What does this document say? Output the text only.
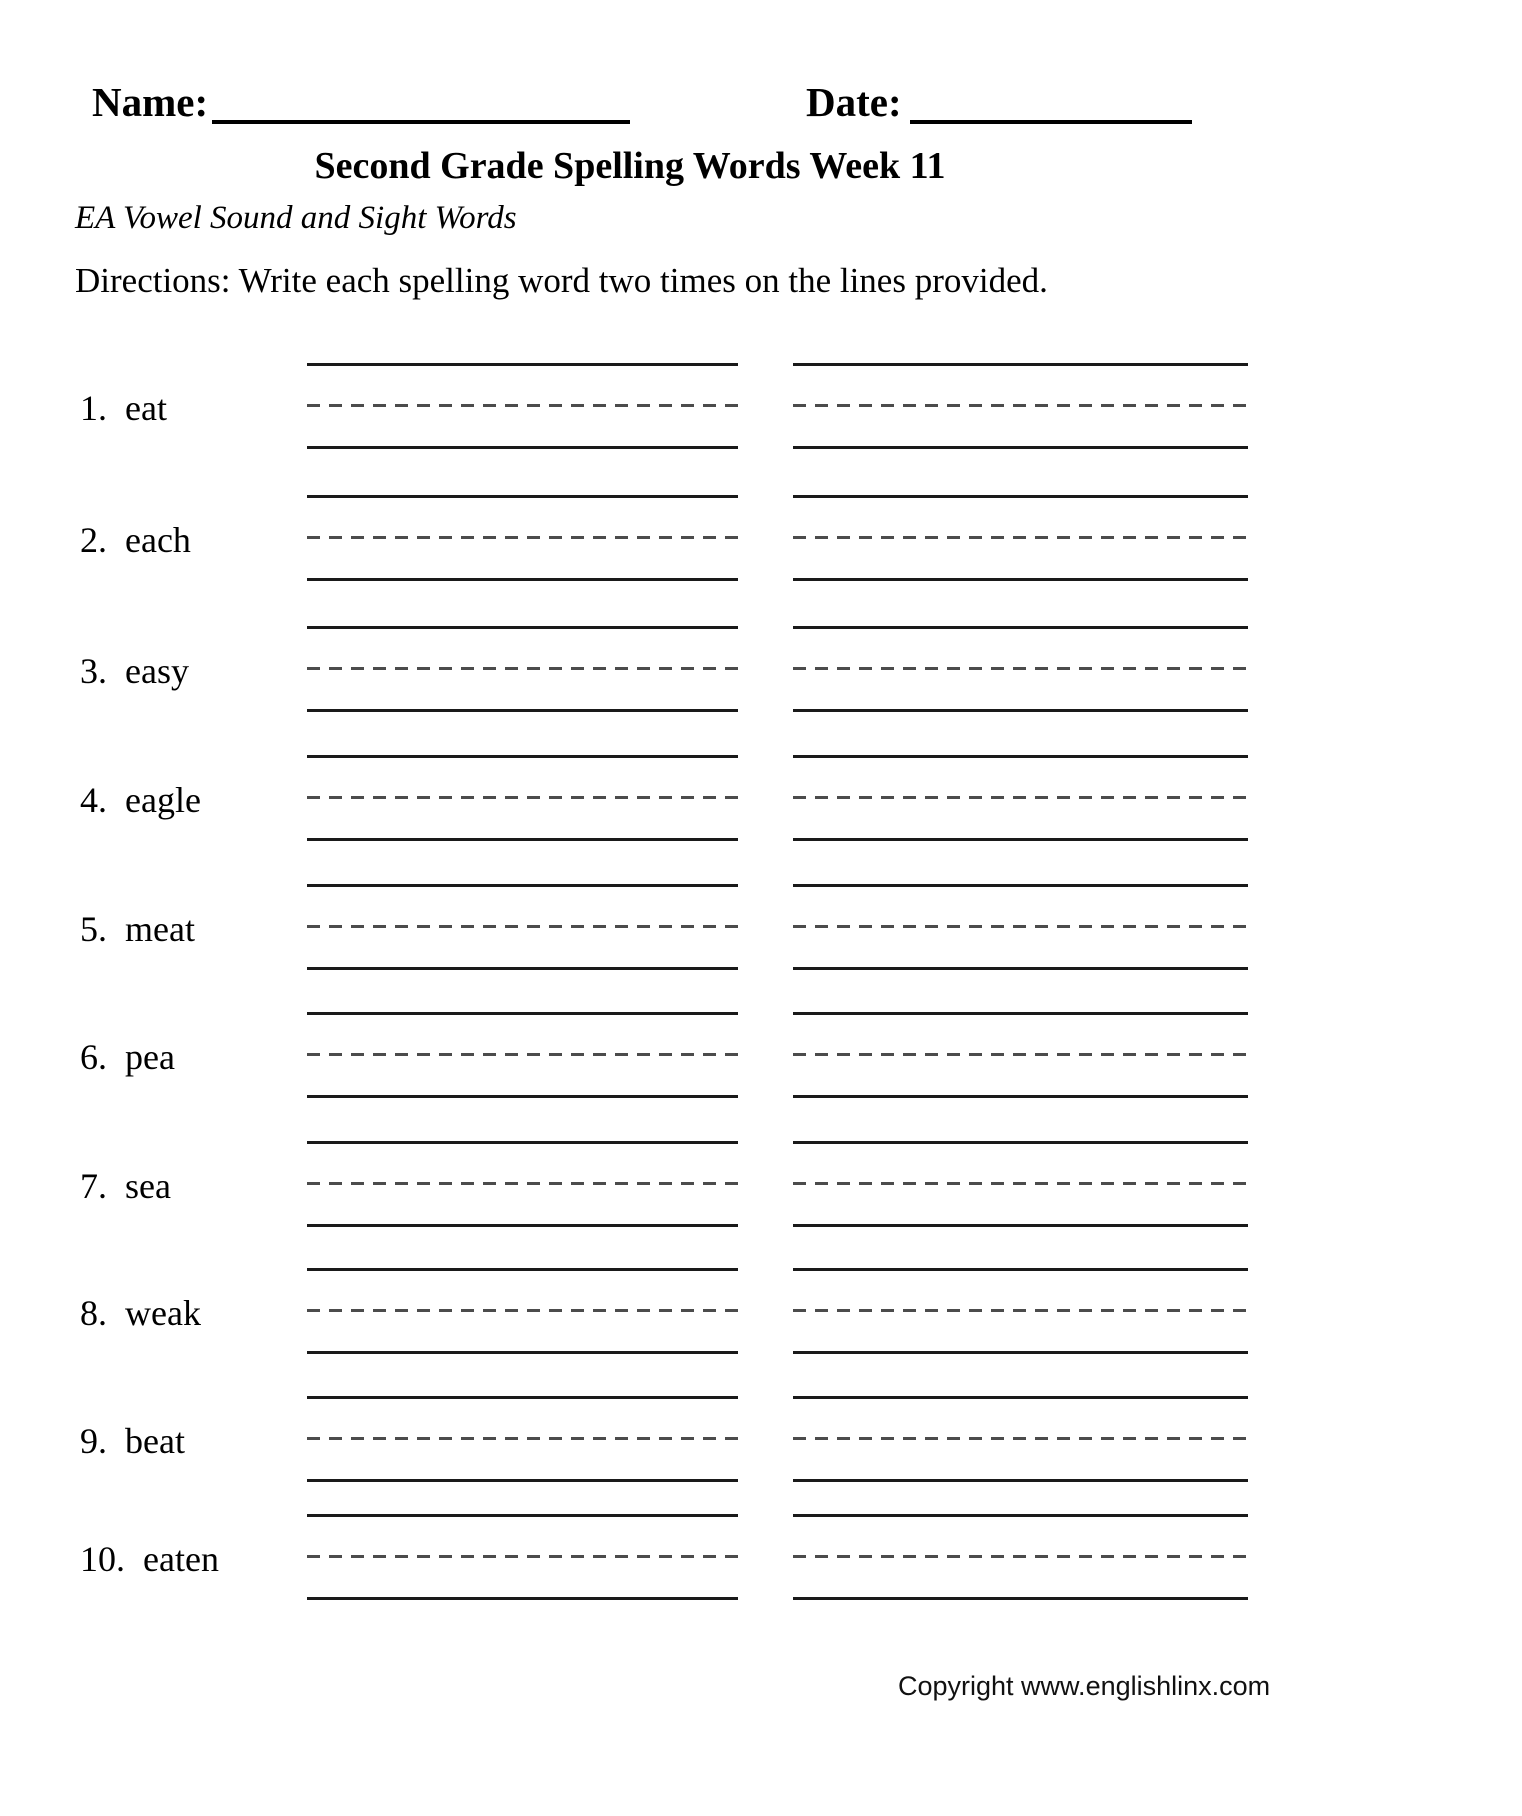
Name:	Date:
Second Grade Spelling Words Week 11
EA Vowel Sound and Sight Words
Directions: Write each spelling word two times on the lines provided.
1. eat
2. each
3. easy
4. eagle
5. meat
6. pea
7. sea
8. weak
9. beat
10. eaten
Copyright www.englishlinx.com
